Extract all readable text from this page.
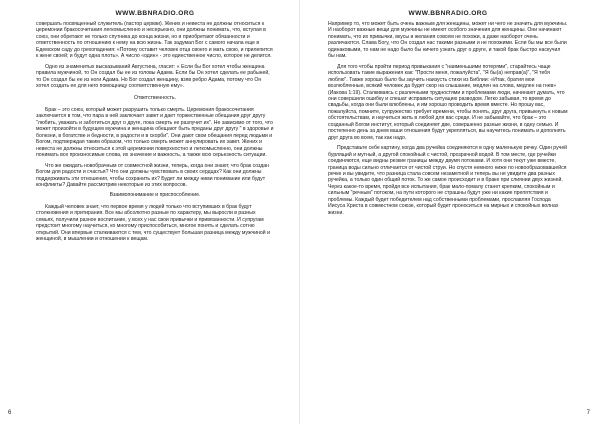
WWW.BBNRADIO.ORG

совершать посвященный служитель (пастор церкви). Жених и невеста не должны относиться к церемонии бракосочетания легкомысленно и несерьезно, они должны понимать, что, вступая в союз, они обретают не только спутника до конца жизни, но и приобретают обязанности и ответственность по отношению к нему на всю жизнь. Так задумал Бог с самого начала еще в Едемском саду до грехопадения: «Потому оставит человек отца своего и мать свою, и прилепится к жене своей; и будут одна плоть». А число «один» - это единственное число, которое не делится.

Одно из знаменитых высказываний Августина, гласит: « Если бы Бог хотел чтобы женщина правила мужчиной, то Он создал бы ее из головы Адама. Если бы Он хотел сделать ее рабыней, то Он создал бы ее из ноги Адама. Но Бог создал женщину, взяв ребро Адама, потому что Он хотел создать ее для него помощницу соответственную ему».

Ответственность.

Брак – это союз, который может разрушить только смерть. Церемония бракосочетания заключается в том, что пара в ней заключает завет и дает торжественные обещания друг другу "любить, уважать и заботиться друг о друге, пока смерть не разлучит их". Не зависимо от того, что может произойти в будущем мужчина и женщина обещают быть преданы друг другу " в здоровье и болезни, в богатстве и бедности, в радости и в скорби". Они дают свои обещания перед людьми и Богом, подтверждая таким образом, что только смерть может аннулировать их завет. Жених и невеста не должны относиться к этой церемонии поверхностно и легкомысленно, они должны понимать все произносимые слова, их значение и важность, а также всю серьезность ситуации.

Что же ожидать новобрачным от совместной жизни, теперь, когда они знают, что брак создан Богом для радости и счастья? Что они должны чувствовать в своих сердцах? Как они должны поддерживать эти отношения, чтобы сохранить их? Будет ли между ними понимание или будут конфликты? Давайте рассмотрим некоторые из этих вопросов.

Взаимопонимание и приспособление.

Каждый человек знает, что первое время у людей только что вступивших в брак будут столкновения и притирания. Все мы абсолютно разные по характеру, мы выросли в разных семьях, получили разное воспитание, у всех у нас свои привычки и привязанности. И супругам предстоит многому научиться, ко многому приспособиться, многое понять и сделать сотню открытий. Они впервые сталкиваются с тем, что существует большая разница между мужчиной и женщиной, в мышлении и отношении к вещам.

6
WWW.BBNRADIO.ORG

Например то, что может быть очень важным для женщины, может ни чего не значить для мужчины. И наоборот важные вещи для мужчины не имеют особого значения для женщины. Они начинают понимать, что их привычки, вкусы и желания совсем не похожи, а даже наоборот очень различаются. Слава Богу, что Он создал нас такими разными и не похожими. Если бы мы все были одинаковыми, то нам не надо было бы ничего узнать друг о друге, и такой брак быстро наскучил бы нам.

Для того чтобы пройти период привыкания с "наименьшими потерями", старайтесь чаще использовать такие выражения как: "Прости меня, пожалуйста", "Я бы(а) неправ(а)", "Я тебя люблю". Также хорошо было бы заучить наизусть стихи из Библии: «Итак, братия мои возлюбленные, всякий человек да будет скор на слышание, медлен на слова, медлен на гнев» (Иакова 1:19). Сталкиваясь с различными трудностями и проблемами люди, начинают думать, что они совершили ошибку и спешат исправить ситуацию разводом. Легко забывая, то время до свадьбы, когда они были влюблены, и им хорошо проводить время вместе. Но прошу вас, пожалуйста, помните, супружество требует времени, чтобы понять, друг друга, привыкнуть к новым обстоятельствам, и научиться жить в любой для вас среде. И не забывайте, что брак – это созданный Богом институт, который соединяет две, совершенно разные жизни, в одну семью. И постепенно день за днем ваши отношения будут укрепляться, вы научитесь понимать и дополнять друг друга во всем, так как надо.

Представьте себе картину, когда два ручейка соединяются в одну маленькую речку. Один ручей бурлящий и мутный, а другой спокойный с чистой, прозрачной водой. В том месте, где ручейки соединяются, еще видны резкие границы между двумя потоками. И хотя они текут уже вместе, граница воды сильно отличается от чистой струи. Но спустя немного ниже по новообразовавшейся речке и вы увидите, что разница стала совсем незаметной и теперь вы не увидите два разных ручейка, а только один общий поток. То же самое происходит и в браке при слиянии двух жизней. Через какое-то время, пройдя все испытания, брак мало-помалу станет крепким, спокойным и сильным "речным" потоком, на пути которого не страшны будут уже ни какие препятствия и проблемы. Каждый будет победителем над собственными проблемами, прославляя Господа Иисуса Христа в совместном союзе, который будет проноситься на мирных и спокойных волнах жизни.

7
